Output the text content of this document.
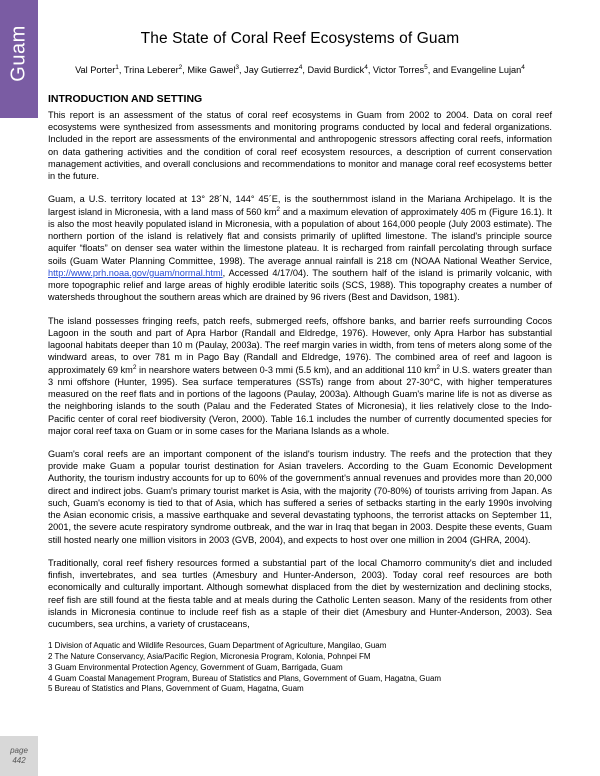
Guam
page
442
The State of Coral Reef Ecosystems of Guam

Val Porter$^1$, Trina Leberer$^2$, Mike Gawel$^3$, Jay Gutierrez$^4$, David Burdick$^4$, Victor Torres$^5$, and Evangeline Lujan$^4$

INTRODUCTION AND SETTING

This report is an assessment of the status of coral reef ecosystems in Guam from 2002 to 2004. Data on coral reef ecosystems were synthesized from assessments and monitoring programs conducted by local and federal organizations. Included in the report are assessments of the environmental and anthropogenic stressors affecting coral reefs, information on data gathering activities and the condition of coral reef ecosystem resources, a description of current conservation management activities, and overall conclusions and recommendations to monitor and manage coral reef ecosystems better in the future.

Guam, a U.S. territory located at 13° 28´N, 144° 45´E, is the southernmost island in the Mariana Archipelago. It is the largest island in Micronesia, with a land mass of 560 $km^2$ and a maximum elevation of approximately 405 m (Figure 16.1). It is also the most heavily populated island in Micronesia, with a population of about 164,000 people (July 2003 estimate). The northern portion of the island is relatively flat and consists primarily of uplifted limestone. The island's principle source aquifer “floats” on denser sea water within the limestone plateau. It is recharged from rainfall percolating through surface soils (Guam Water Planning Committee, 1998). The average annual rainfall is 218 cm (NOAA National Weather Service, http://www.prh.noaa.gov/guam/normal.html, Accessed 4/17/04). The southern half of the island is primarily volcanic, with more topographic relief and large areas of highly erodible lateritic soils (SCS, 1988). This topography creates a number of watersheds throughout the southern areas which are drained by 96 rivers (Best and Davidson, 1981).

The island possesses fringing reefs, patch reefs, submerged reefs, offshore banks, and barrier reefs surrounding Cocos Lagoon in the south and part of Apra Harbor (Randall and Eldredge, 1976). However, only Apra Harbor has substantial lagoonal habitats deeper than 10 m (Paulay, 2003a). The reef margin varies in width, from tens of meters along some of the windward areas, to over 781 m in Pago Bay (Randall and Eldredge, 1976). The combined area of reef and lagoon is approximately 69 $km^2$ in nearshore waters between 0-3 mmi (5.5 km), and an additional 110 $km^2$ in U.S. waters greater than 3 nmi offshore (Hunter, 1995). Sea surface temperatures (SSTs) range from about 27-30°C, with higher temperatures measured on the reef flats and in portions of the lagoons (Paulay, 2003a). Although Guam's marine life is not as diverse as the neighboring islands to the south (Palau and the Federated States of Micronesia), it lies relatively close to the Indo-Pacific center of coral reef biodiversity (Veron, 2000). Table 16.1 includes the number of currently documented species for major coral reef taxa on Guam or in some cases for the Mariana Islands as a whole.

Guam's coral reefs are an important component of the island's tourism industry. The reefs and the protection that they provide make Guam a popular tourist destination for Asian travelers. According to the Guam Economic Development Authority, the tourism industry accounts for up to 60% of the government's annual revenues and provides more than 20,000 direct and indirect jobs. Guam's primary tourist market is Asia, with the majority (70-80%) of tourists arriving from Japan. As such, Guam's economy is tied to that of Asia, which has suffered a series of setbacks starting in the early 1990s involving the Asian economic crisis, a massive earthquake and several devastating typhoons, the terrorist attacks on September 11, 2001, the severe acute respiratory syndrome outbreak, and the war in Iraq that began in 2003. Despite these events, Guam still hosted nearly one million visitors in 2003 (GVB, 2004), and expects to host over one million in 2004 (GHRA, 2004).

Traditionally, coral reef fishery resources formed a substantial part of the local Chamorro community's diet and included finfish, invertebrates, and sea turtles (Amesbury and Hunter-Anderson, 2003). Today coral reef resources are both economically and culturally important. Although somewhat displaced from the diet by westernization and declining stocks, reef fish are still found at the fiesta table and at meals during the Catholic Lenten season. Many of the residents from other islands in Micronesia continue to include reef fish as a staple of their diet (Amesbury and Hunter-Anderson, 2003). Sea cucumbers, sea urchins, a variety of crustaceans,

1 Division of Aquatic and Wildlife Resources, Guam Department of Agriculture, Mangilao, Guam

2 The Nature Conservancy, Asia/Pacific Region, Micronesia Program, Kolonia, Pohnpei FM

3 Guam Environmental Protection Agency, Government of Guam, Barrigada, Guam

4 Guam Coastal Management Program, Bureau of Statistics and Plans, Government of Guam, Hagatna, Guam

5 Bureau of Statistics and Plans, Government of Guam, Hagatna, Guam
